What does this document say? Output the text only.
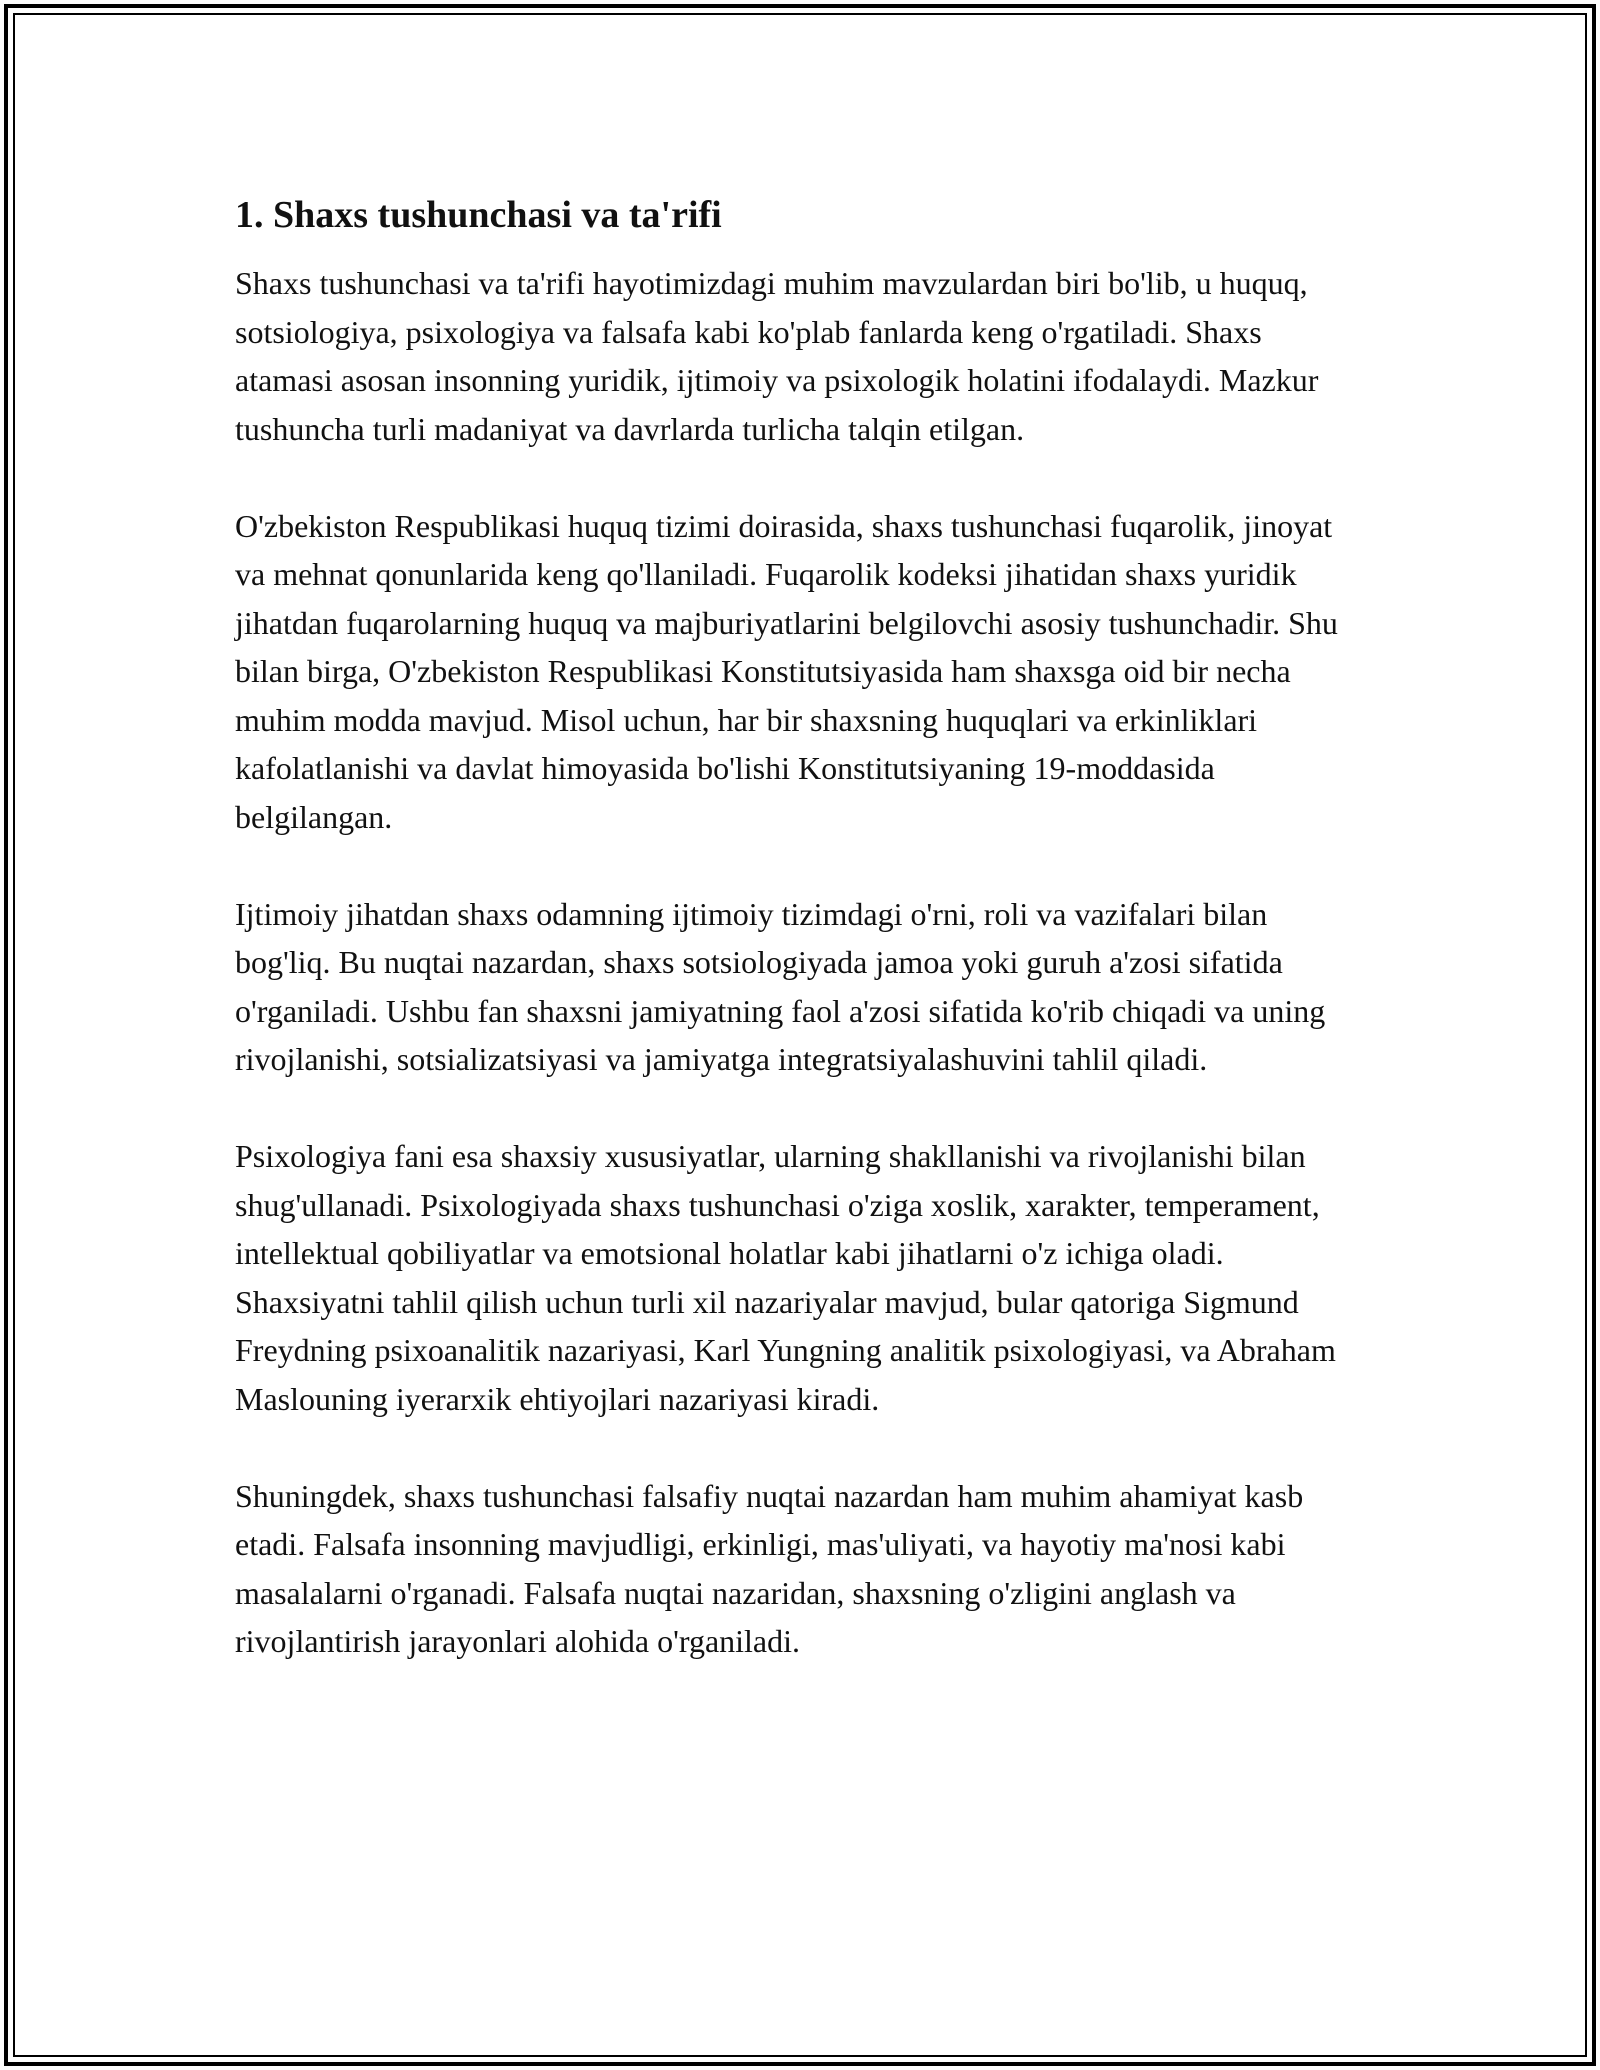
1. Shaxs tushunchasi va ta'rifi

Shaxs tushunchasi va ta'rifi hayotimizdagi muhim mavzulardan biri bo'lib, u huquq, sotsiologiya, psixologiya va falsafa kabi ko'plab fanlarda keng o'rgatiladi. Shaxs atamasi asosan insonning yuridik, ijtimoiy va psixologik holatini ifodalaydi. Mazkur tushuncha turli madaniyat va davrlarda turlicha talqin etilgan.

O'zbekiston Respublikasi huquq tizimi doirasida, shaxs tushunchasi fuqarolik, jinoyat va mehnat qonunlarida keng qo'llaniladi. Fuqarolik kodeksi jihatidan shaxs yuridik jihatdan fuqarolarning huquq va majburiyatlarini belgilovchi asosiy tushunchadir. Shu bilan birga, O'zbekiston Respublikasi Konstitutsiyasida ham shaxsga oid bir necha muhim modda mavjud. Misol uchun, har bir shaxsning huquqlari va erkinliklari kafolatlanishi va davlat himoyasida bo'lishi Konstitutsiyaning 19-moddasida belgilangan.

Ijtimoiy jihatdan shaxs odamning ijtimoiy tizimdagi o'rni, roli va vazifalari bilan bog'liq. Bu nuqtai nazardan, shaxs sotsiologiyada jamoa yoki guruh a'zosi sifatida o'rganiladi. Ushbu fan shaxsni jamiyatning faol a'zosi sifatida ko'rib chiqadi va uning rivojlanishi, sotsializatsiyasi va jamiyatga integratsiyalashuvini tahlil qiladi.

Psixologiya fani esa shaxsiy xususiyatlar, ularning shakllanishi va rivojlanishi bilan shug'ullanadi. Psixologiyada shaxs tushunchasi o'ziga xoslik, xarakter, temperament, intellektual qobiliyatlar va emotsional holatlar kabi jihatlarni o'z ichiga oladi. Shaxsiyatni tahlil qilish uchun turli xil nazariyalar mavjud, bular qatoriga Sigmund Freydning psixoanalitik nazariyasi, Karl Yungning analitik psixologiyasi, va Abraham Maslouning iyerarxik ehtiyojlari nazariyasi kiradi.

Shuningdek, shaxs tushunchasi falsafiy nuqtai nazardan ham muhim ahamiyat kasb etadi. Falsafa insonning mavjudligi, erkinligi, mas'uliyati, va hayotiy ma'nosi kabi masalalarni o'rganadi. Falsafa nuqtai nazaridan, shaxsning o'zligini anglash va rivojlantirish jarayonlari alohida o'rganiladi.
